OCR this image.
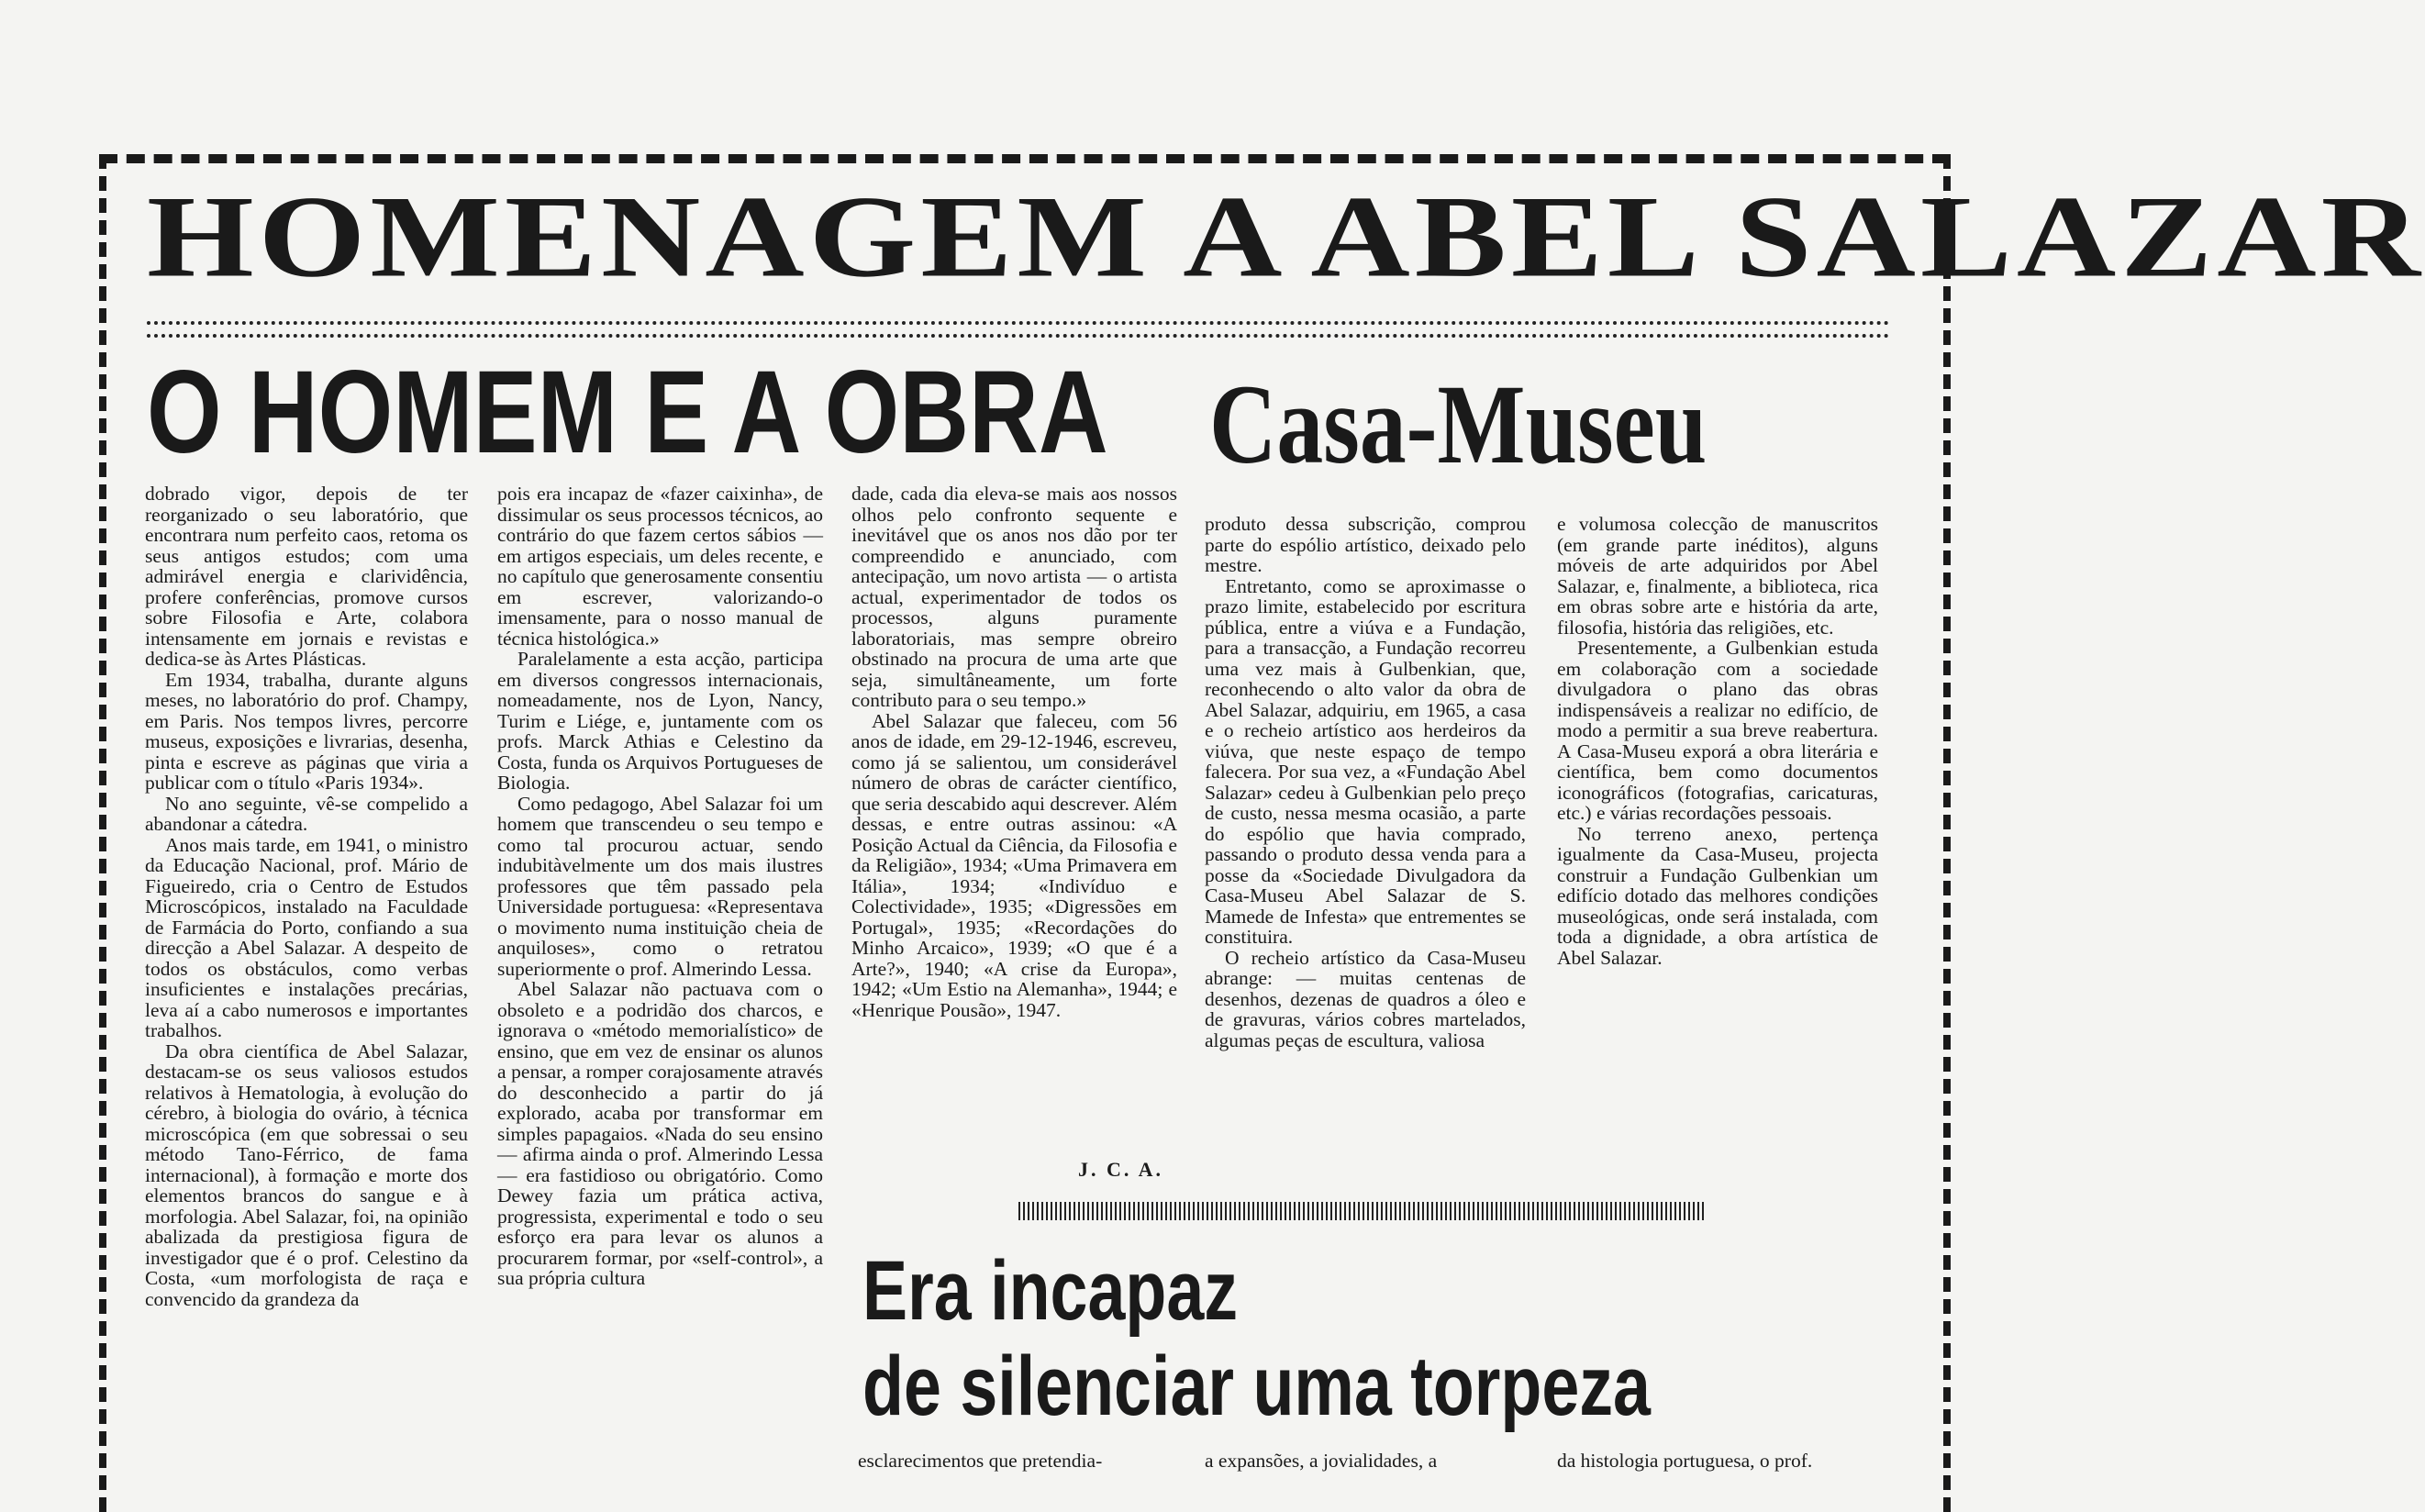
HOMENAGEM A ABEL SALAZAR
O HOMEM E A OBRA Casa-Museu

dobrado vigor, depois de ter reorganizado o seu laboratório, que encontrara num perfeito caos, retoma os seus antigos estudos; com uma admirável energia e clarividência, profere conferências, promove cursos sobre Filosofia e Arte, colabora intensamente em jornais e revistas e dedica-se às Artes Plásticas.

Em 1934, trabalha, durante alguns meses, no laboratório do prof. Champy, em Paris. Nos tempos livres, percorre museus, exposições e livrarias, desenha, pinta e escreve as páginas que viria a publicar com o título «Paris 1934».

No ano seguinte, vê-se compelido a abandonar a cátedra.

Anos mais tarde, em 1941, o ministro da Educação Nacional, prof. Mário de Figueiredo, cria o Centro de Estudos Microscópicos, instalado na Faculdade de Farmácia do Porto, confiando a sua direcção a Abel Salazar. A despeito de todos os obstáculos, como verbas insuficientes e instalações precárias, leva aí a cabo numerosos e importantes trabalhos.

Da obra científica de Abel Salazar, destacam-se os seus valiosos estudos relativos à Hematologia, à evolução do cérebro, à biologia do ovário, à técnica microscópica (em que sobressai o seu método Tano-Férrico, de fama internacional), à formação e morte dos elementos brancos do sangue e à morfologia. Abel Salazar, foi, na opinião abalizada da prestigiosa figura de investigador que é o prof. Celestino da Costa, «um morfologista de raça e convencido da grandeza da

pois era incapaz de «fazer caixinha», de dissimular os seus processos técnicos, ao contrário do que fazem certos sábios — em artigos especiais, um deles recente, e no capítulo que generosamente consentiu em escrever, valorizando-o imensamente, para o nosso manual de técnica histológica.»

Paralelamente a esta acção, participa em diversos congressos internacionais, nomeadamente, nos de Lyon, Nancy, Turim e Liége, e, juntamente com os profs. Marck Athias e Celestino da Costa, funda os Arquivos Portugueses de Biologia.

Como pedagogo, Abel Salazar foi um homem que transcendeu o seu tempo e como tal procurou actuar, sendo indubitàvelmente um dos mais ilustres professores que têm passado pela Universidade portuguesa: «Representava o movimento numa instituição cheia de anquiloses», como o retratou superiormente o prof. Almerindo Lessa.

Abel Salazar não pactuava com o obsoleto e a podridão dos charcos, e ignorava o «método memorialístico» de ensino, que em vez de ensinar os alunos a pensar, a romper corajosamente através do desconhecido a partir do já explorado, acaba por transformar em simples papagaios. «Nada do seu ensino — afirma ainda o prof. Almerindo Lessa — era fastidioso ou obrigatório. Como Dewey fazia um prática activa, progressista, experimental e todo o seu esforço era para levar os alunos a procurarem formar, por «self-control», a sua própria cultura

dade, cada dia eleva-se mais aos nossos olhos pelo confronto sequente e inevitável que os anos nos dão por ter compreendido e anunciado, com antecipação, um novo artista — o artista actual, experimentador de todos os processos, alguns puramente laboratoriais, mas sempre obreiro obstinado na procura de uma arte que seja, simultâneamente, um forte contributo para o seu tempo.»

Abel Salazar que faleceu, com 56 anos de idade, em 29-12-1946, escreveu, como já se salientou, um considerável número de obras de carácter científico, que seria descabido aqui descrever. Além dessas, e entre outras assinou: «A Posição Actual da Ciência, da Filosofia e da Religião», 1934; «Uma Primavera em Itália», 1934; «Indivíduo e Colectividade», 1935; «Digressões em Portugal», 1935; «Recordações do Minho Arcaico», 1939; «O que é a Arte?», 1940; «A crise da Europa», 1942; «Um Estio na Alemanha», 1944; e «Henrique Pousão», 1947.

J. C. A.

produto dessa subscrição, comprou parte do espólio artístico, deixado pelo mestre.

Entretanto, como se aproximasse o prazo limite, estabelecido por escritura pública, entre a viúva e a Fundação, para a transacção, a Fundação recorreu uma vez mais à Gulbenkian, que, reconhecendo o alto valor da obra de Abel Salazar, adquiriu, em 1965, a casa e o recheio artístico aos herdeiros da viúva, que neste espaço de tempo falecera. Por sua vez, a «Fundação Abel Salazar» cedeu à Gulbenkian pelo preço de custo, nessa mesma ocasião, a parte do espólio que havia comprado, passando o produto dessa venda para a posse da «Sociedade Divulgadora da Casa-Museu Abel Salazar de S. Mamede de Infesta» que entrementes se constituira.

O recheio artístico da Casa-Museu abrange: — muitas centenas de desenhos, dezenas de quadros a óleo e de gravuras, vários cobres martelados, algumas peças de escultura, valiosa

e volumosa colecção de manuscritos (em grande parte inéditos), alguns móveis de arte adquiridos por Abel Salazar, e, finalmente, a biblioteca, rica em obras sobre arte e história da arte, filosofia, história das religiões, etc.

Presentemente, a Gulbenkian estuda em colaboração com a sociedade divulgadora o plano das obras indispensáveis a realizar no edifício, de modo a permitir a sua breve reabertura. A Casa-Museu exporá a obra literária e científica, bem como documentos iconográficos (fotografias, caricaturas, etc.) e várias recordações pessoais.

No terreno anexo, pertença igualmente da Casa-Museu, projecta construir a Fundação Gulbenkian um edifício dotado das melhores condições museológicas, onde será instalada, com toda a dignidade, a obra artística de Abel Salazar.

Era incapaz
de silenciar uma torpeza
esclarecimentos que pretendia-	a expansões, a jovialidades, a	da histologia portuguesa, o prof.
